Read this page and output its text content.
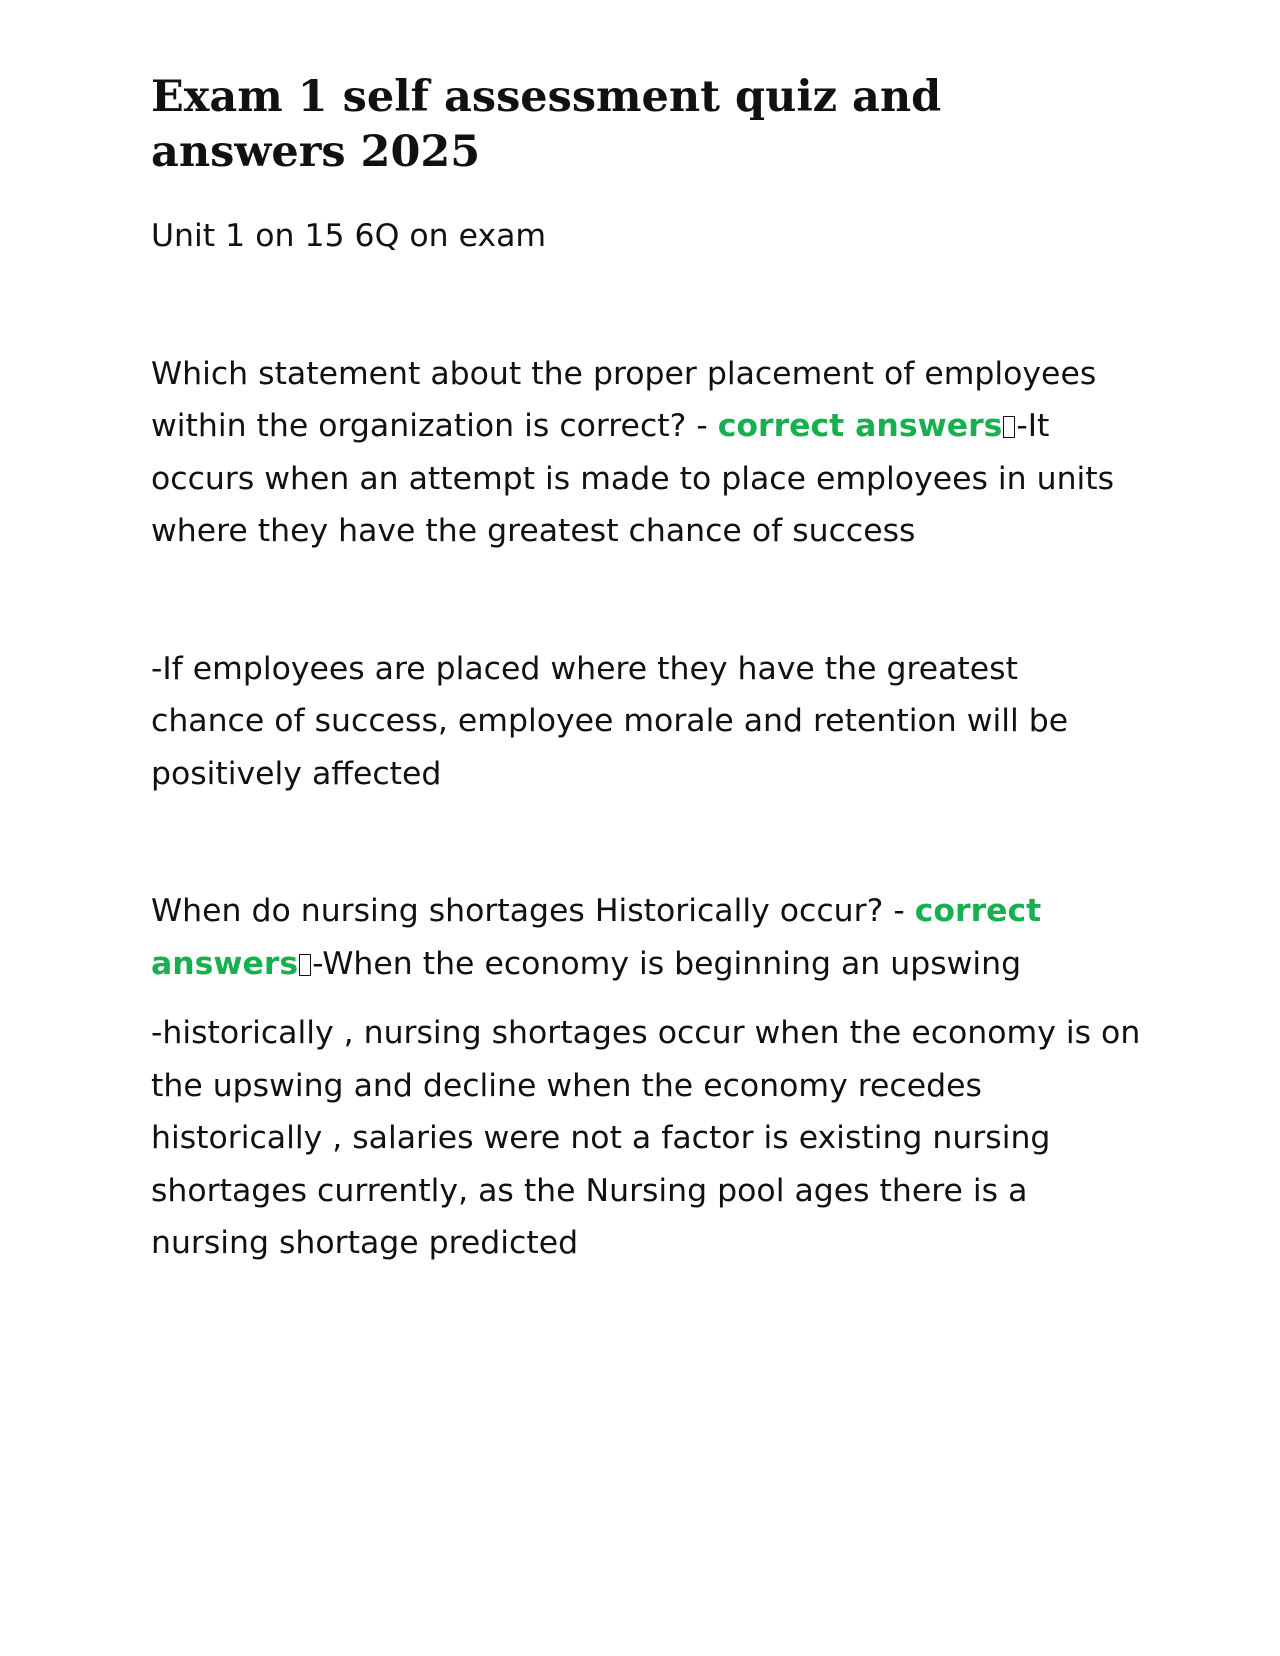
Exam 1 self assessment quiz and answers 2025

Unit 1 on 15 6Q on exam

Which statement about the proper placement of employees within the organization is correct? - correct answers -It occurs when an attempt is made to place employees in units where they have the greatest chance of success

-If employees are placed where they have the greatest chance of success, employee morale and retention will be positively affected

When do nursing shortages Historically occur? - correct answers -When the economy is beginning an upswing

-historically , nursing shortages occur when the economy is on the upswing and decline when the economy recedes historically , salaries were not a factor is existing nursing shortages currently, as the Nursing pool ages there is a nursing shortage predicted
